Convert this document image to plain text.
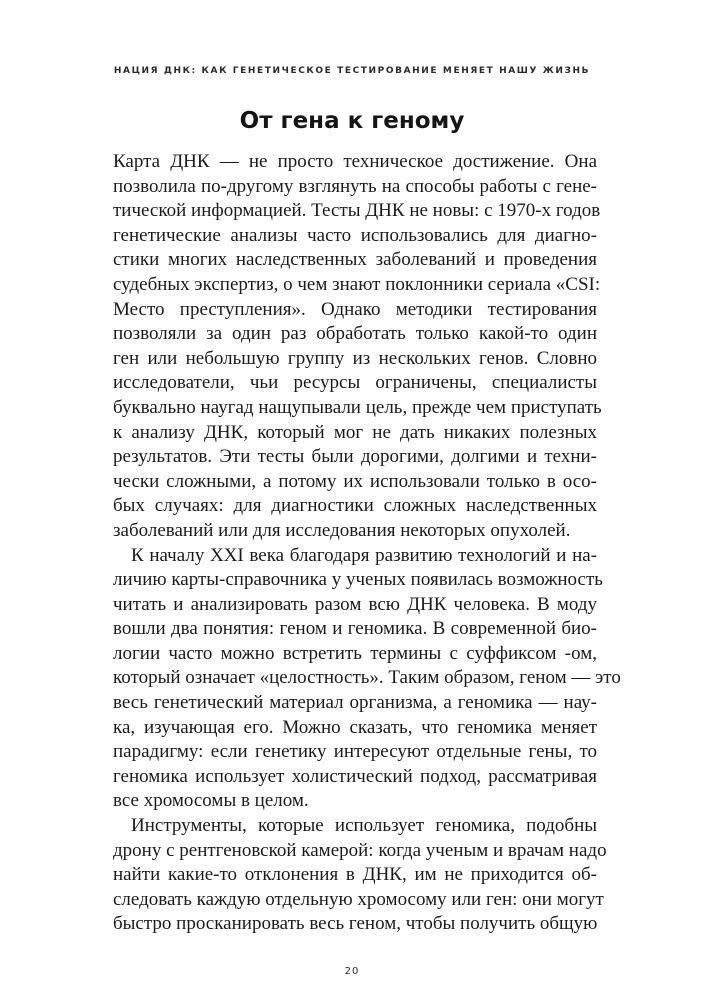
НАЦИЯ ДНК: КАК ГЕНЕТИЧЕСКОЕ ТЕСТИРОВАНИЕ МЕНЯЕТ НАШУ ЖИЗНЬ
От гена к геному

Карта ДНК — не просто техническое достижение. Она
позволила по-другому взглянуть на способы работы с гене-
тической информацией. Тесты ДНК не новы: с 1970-х годов
генетические анализы часто использовались для диагно-
стики многих наследственных заболеваний и проведения
судебных экспертиз, о чем знают поклонники сериала «CSI:
Место преступления». Однако методики тестирования
позволяли за один раз обработать только какой-то один
ген или небольшую группу из нескольких генов. Словно
исследователи, чьи ресурсы ограничены, специалисты
буквально наугад нащупывали цель, прежде чем приступать
к анализу ДНК, который мог не дать никаких полезных
результатов. Эти тесты были дорогими, долгими и техни-
чески сложными, а потому их использовали только в осо-
бых случаях: для диагностики сложных наследственных
заболеваний или для исследования некоторых опухолей.

К началу XXI века благодаря развитию технологий и на-
личию карты-справочника у ученых появилась возможность
читать и анализировать разом всю ДНК человека. В моду
вошли два понятия: геном и геномика. В современной био-
логии часто можно встретить термины с суффиксом -ом,
который означает «целостность». Таким образом, геном — это
весь генетический материал организма, а геномика — нау-
ка, изучающая его. Можно сказать, что геномика меняет
парадигму: если генетику интересуют отдельные гены, то
геномика использует холистический подход, рассматривая
все хромосомы в целом.

Инструменты, которые использует геномика, подобны
дрону с рентгеновской камерой: когда ученым и врачам надо
найти какие-то отклонения в ДНК, им не приходится об-
следовать каждую отдельную хромосому или ген: они могут
быстро просканировать весь геном, чтобы получить общую

20
